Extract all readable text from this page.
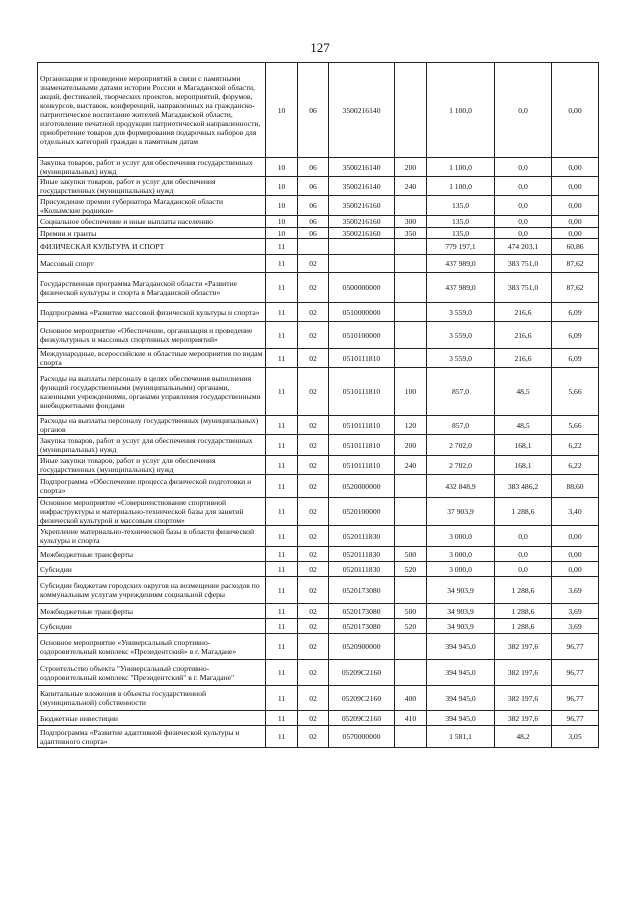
127
Организация и проведение мероприятий в связи с памятными знаменательными датами истории России и Магаданской области, акций, фестивалей, творческих проектов, мероприятий, форумов, конкурсов, выставок, конференций, направленных на гражданско-патриотическое воспитание жителей Магаданской области, изготовление печатной продукции патриотической направленности, приобретение товаров для формирования подарочных наборов для отдельных категорий граждан к памятным датам	10	06	3500216140		1 100,0	0,0	0,00
Закупка товаров, работ и услуг для обеспечения государственных (муниципальных) нужд	10	06	3500216140	200	1 100,0	0,0	0,00
Иные закупки товаров, работ и услуг для обеспечения государственных (муниципальных) нужд	10	06	3500216140	240	1 100,0	0,0	0,00
Присуждение премии губернатора Магаданской области «Колымские родники»	10	06	3500216160		135,0	0,0	0,00
Социальное обеспечение и иные выплаты населению	10	06	3500216160	300	135,0	0,0	0,00
Премии и гранты	10	06	3500216160	350	135,0	0,0	0,00
ФИЗИЧЕСКАЯ КУЛЬТУРА И СПОРТ	11				779 197,1	474 203,1	60,86
Массовый спорт	11	02			437 989,0	383 751,0	87,62
Государственная программа Магаданской области «Развитие физической культуры и спорта в Магаданской области»	11	02	0500000000		437 989,0	383 751,0	87,62
Подпрограмма «Развитие массовой физической культуры и спорта»	11	02	0510000000		3 559,0	216,6	6,09
Основное мероприятие «Обеспечение, организация и проведение физкультурных и массовых спортивных мероприятий»	11	02	0510100000		3 559,0	216,6	6,09
Международные, всероссийские и областные мероприятия по видам спорта	11	02	0510111810		3 559,0	216,6	6,09
Расходы на выплаты персоналу в целях обеспечения выполнения функций государственными (муниципальными) органами, казенными учреждениями, органами управления государственными внебюджетными фондами	11	02	0510111810	100	857,0	48,5	5,66
Расходы на выплаты персоналу государственных (муниципальных) органов	11	02	0510111810	120	857,0	48,5	5,66
Закупка товаров, работ и услуг для обеспечения государственных (муниципальных) нужд	11	02	0510111810	200	2 702,0	168,1	6,22
Иные закупки товаров, работ и услуг для обеспечения государственных (муниципальных) нужд	11	02	0510111810	240	2 702,0	168,1	6,22
Подпрограмма «Обеспечение процесса физической подготовки и спорта»	11	02	0520000000		432 848,9	383 486,2	88,60
Основное мероприятие «Совершенствование спортивной инфраструктуры и материально-технической базы для занятий физической культурой и массовым спортом»	11	02	0520100000		37 903,9	1 288,6	3,40
Укрепление материально-технической базы в области физической культуры и спорта	11	02	0520111830		3 000,0	0,0	0,00
Межбюджетные трансферты	11	02	0520111830	500	3 000,0	0,0	0,00
Субсидии	11	02	0520111830	520	3 000,0	0,0	0,00
Субсидии бюджетам городских округов на возмещение расходов по коммунальным услугам учреждениям социальной сферы	11	02	0520173080		34 903,9	1 288,6	3,69
Межбюджетные трансферты	11	02	0520173080	500	34 903,9	1 288,6	3,69
Субсидии	11	02	0520173080	520	34 903,9	1 288,6	3,69
Основное мероприятие «Универсальный спортивно-оздоровительный комплекс «Президентский» в г. Магадане»	11	02	0520900000		394 945,0	382 197,6	96,77
Строительство объекта "Универсальный спортивно-оздоровительный комплекс "Президентский" в г. Магадане"	11	02	05209С2160		394 945,0	382 197,6	96,77
Капитальные вложения в объекты государственной (муниципальной) собственности	11	02	05209С2160	400	394 945,0	382 197,6	96,77
Бюджетные инвестиции	11	02	05209С2160	410	394 945,0	382 197,6	96,77
Подпрограмма «Развитие адаптивной физической культуры и адаптивного спорта»	11	02	0570000000		1 581,1	48,2	3,05
